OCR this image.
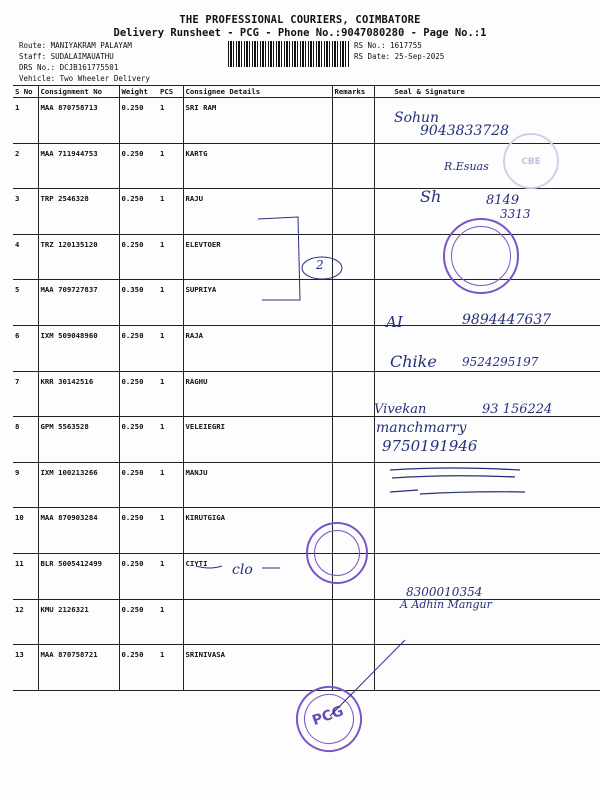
THE PROFESSIONAL COURIERS, COIMBATORE
Delivery Runsheet - PCG - Phone No.:9047080280 - Page No.:1
Route: MANIYAKRAM PALAYAM
Staff: SUDALAIMAUATHU
DRS No.: DCJB161775501
Vehicle: Two Wheeler Delivery
RS No.: 1617755
RS Date: 25-Sep-2025
S No	Consignment No	Weight	PCS	Consignee Details	Remarks	Seal & Signature
1	MAA 870758713	0.250	1	SRI RAM		
2	MAA 711944753	0.250	1	KARTG		
3	TRP 2546328	0.250	1	RAJU		
4	TRZ 120135120	0.250	1	ELEVTOER		
5	MAA 709727837	0.350	1	SUPRIYA		
6	IXM 509048960	0.250	1	RAJA		
7	KRR 30142516	0.250	1	RAGHU		
8	GPM 5563528	0.250	1	VELEIEGRI		
9	IXM 100213266	0.250	1	MANJU		
10	MAA 870903284	0.250	1	KIRUTGIGA		
11	BLR 5005412499	0.250	1	CIYTI		
12	KMU 2126321	0.250	1			
13	MAA 870758721	0.250	1	SRINIVASA		
Sohun
9043833728
R.Esuas
Sh	8149
3313
2
AI	9894447637
Chike 9524295197
Vivekan	93 156224
manchmarry
9750191946
clo
8300010354
A Adhin Mangur
CBE
PCG
